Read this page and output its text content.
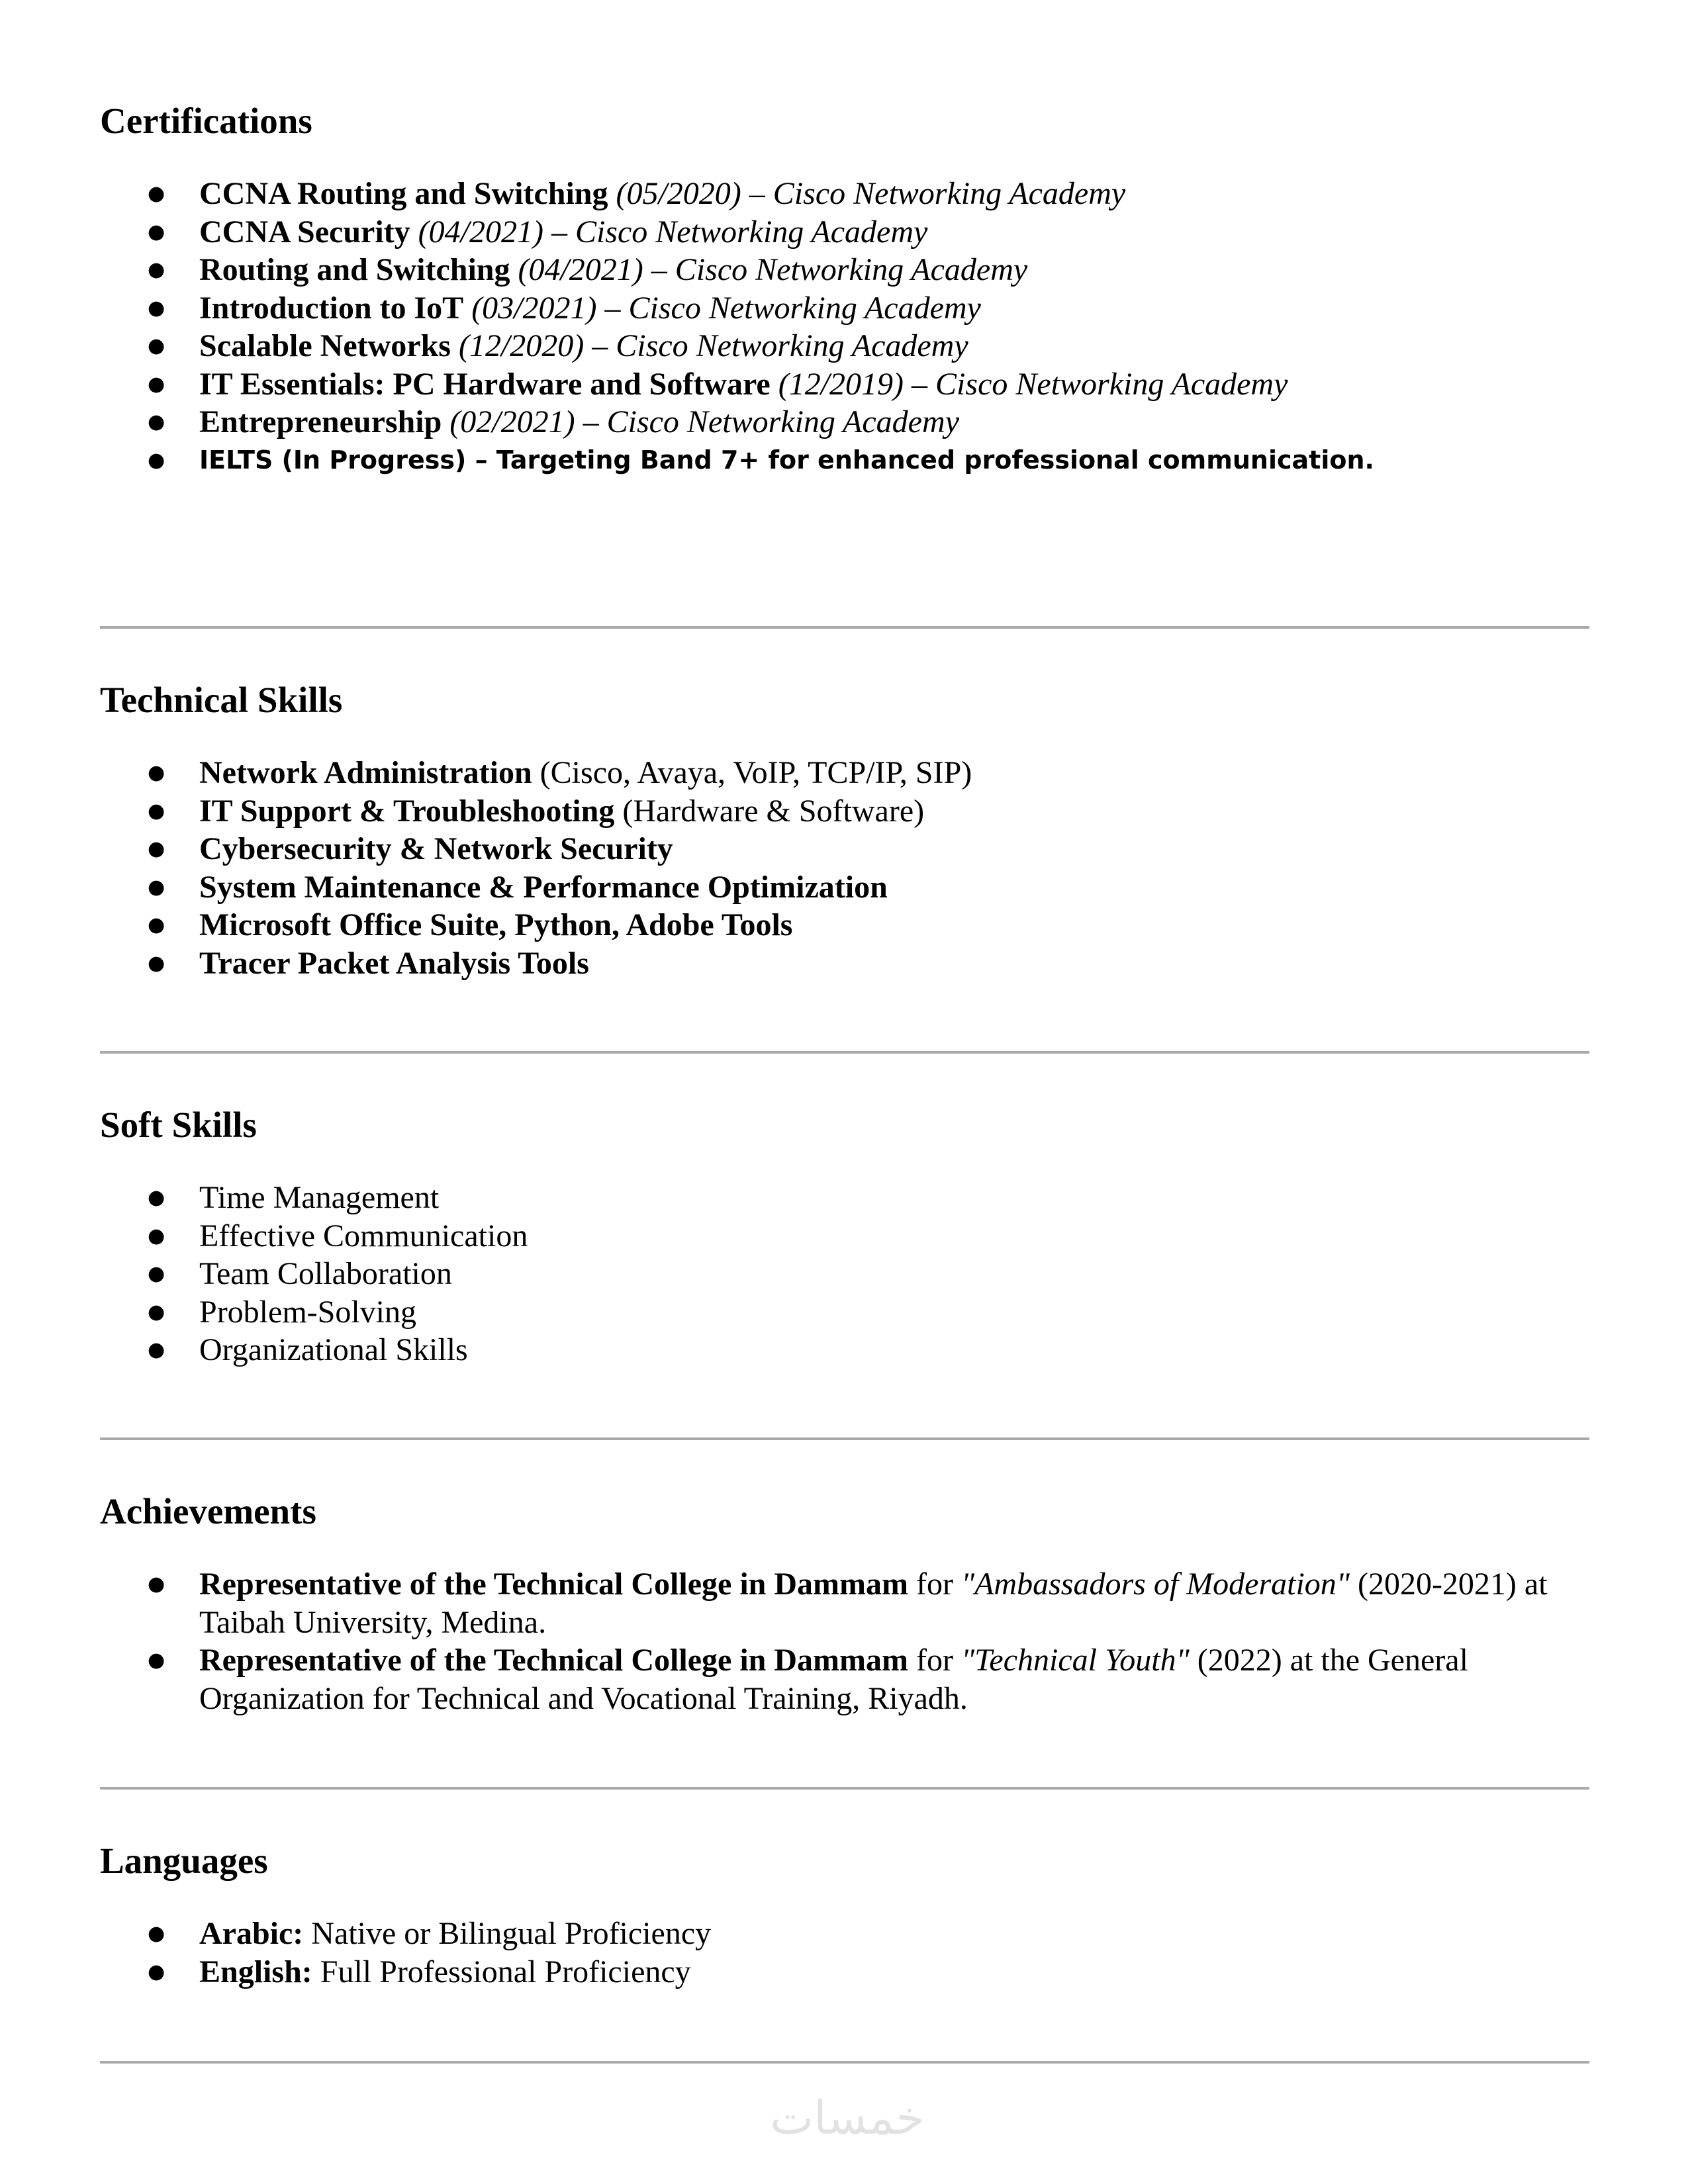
Certifications
● CCNA Routing and Switching (05/2020) – Cisco Networking Academy
● CCNA Security (04/2021) – Cisco Networking Academy
● Routing and Switching (04/2021) – Cisco Networking Academy
● Introduction to IoT (03/2021) – Cisco Networking Academy
● Scalable Networks (12/2020) – Cisco Networking Academy
● IT Essentials: PC Hardware and Software (12/2019) – Cisco Networking Academy
● Entrepreneurship (02/2021) – Cisco Networking Academy
● IELTS (In Progress) – Targeting Band 7+ for enhanced professional communication.
Technical Skills
● Network Administration (Cisco, Avaya, VoIP, TCP/IP, SIP)
● IT Support & Troubleshooting (Hardware & Software)
● Cybersecurity & Network Security
● System Maintenance & Performance Optimization
● Microsoft Office Suite, Python, Adobe Tools
● Tracer Packet Analysis Tools
Soft Skills
● Time Management
● Effective Communication
● Team Collaboration
● Problem-Solving
● Organizational Skills
Achievements
● Representative of the Technical College in Dammam for "Ambassadors of Moderation" (2020-2021) at Taibah University, Medina.
● Representative of the Technical College in Dammam for "Technical Youth" (2022) at the General Organization for Technical and Vocational Training, Riyadh.
Languages
● Arabic: Native or Bilingual Proficiency
● English: Full Professional Proficiency
خمسات
